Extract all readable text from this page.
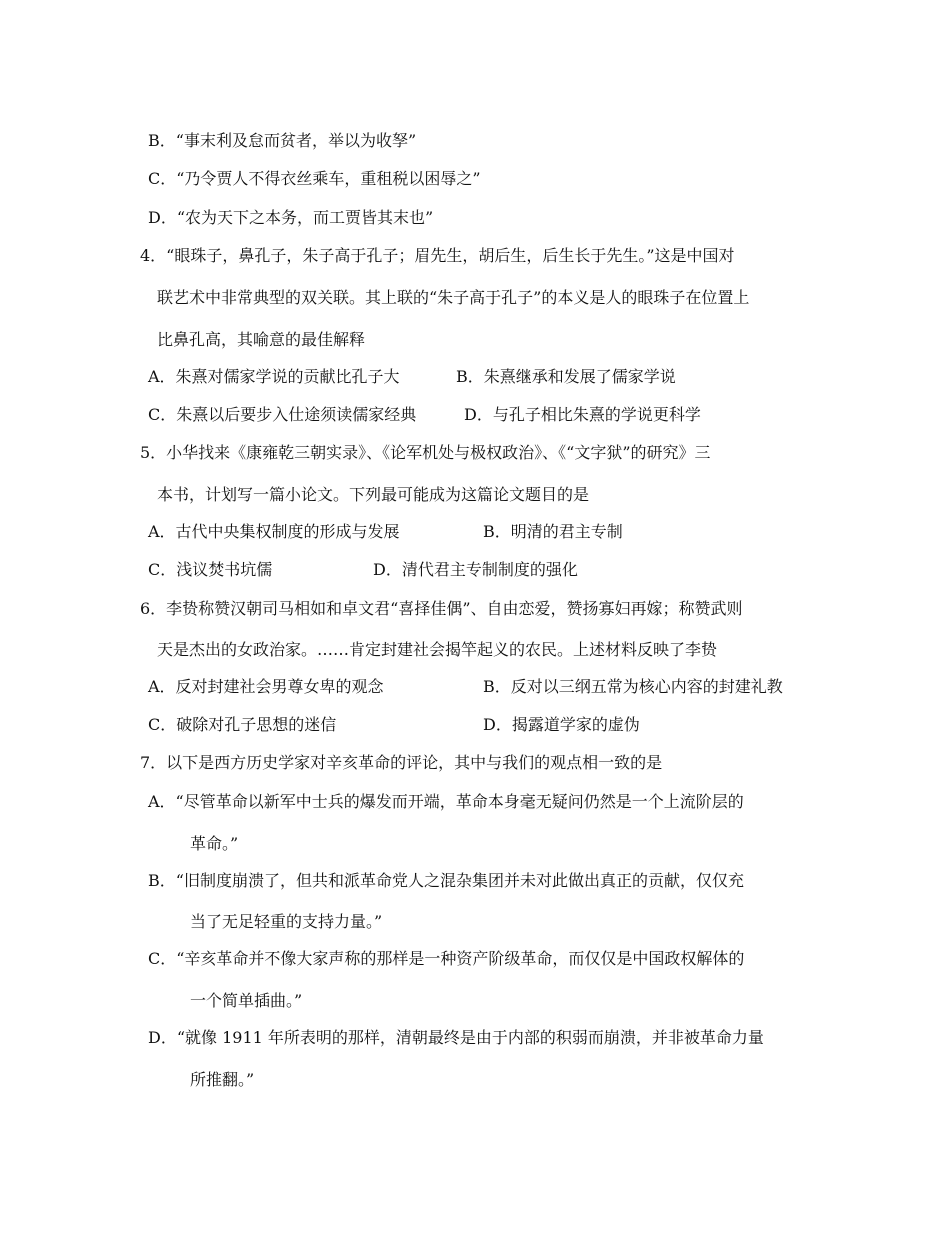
B．“事末利及怠而贫者，举以为收孥”
C．“乃令贾人不得衣丝乘车，重租税以困辱之”
D．“农为天下之本务，而工贾皆其末也”
4．“眼珠子，鼻孔子，朱子高于孔子；眉先生，胡后生，后生长于先生。”这是中国对
联艺术中非常典型的双关联。其上联的“朱子高于孔子”的本义是人的眼珠子在位置上
比鼻孔高，其喻意的最佳解释
A．朱熹对儒家学说的贡献比孔子大	B．朱熹继承和发展了儒家学说
C．朱熹以后要步入仕途须读儒家经典	D．与孔子相比朱熹的学说更科学
5．小华找来《康雍乾三朝实录》、《论军机处与极权政治》、《“文字狱”的研究》三
本书，计划写一篇小论文。下列最可能成为这篇论文题目的是
A．古代中央集权制度的形成与发展	B．明清的君主专制
C．浅议焚书坑儒	D．清代君主专制制度的强化
6．李贽称赞汉朝司马相如和卓文君“喜择佳偶”、自由恋爱，赞扬寡妇再嫁；称赞武则
天是杰出的女政治家。……肯定封建社会揭竿起义的农民。上述材料反映了李贽
A．反对封建社会男尊女卑的观念	B．反对以三纲五常为核心内容的封建礼教
C．破除对孔子思想的迷信	D．揭露道学家的虚伪
7．以下是西方历史学家对辛亥革命的评论，其中与我们的观点相一致的是
A．“尽管革命以新军中士兵的爆发而开端，革命本身毫无疑问仍然是一个上流阶层的
革命。”
B．“旧制度崩溃了，但共和派革命党人之混杂集团并未对此做出真正的贡献，仅仅充
当了无足轻重的支持力量。”
C．“辛亥革命并不像大家声称的那样是一种资产阶级革命，而仅仅是中国政权解体的
一个简单插曲。”
D．“就像 1911 年所表明的那样，清朝最终是由于内部的积弱而崩溃，并非被革命力量
所推翻。”
